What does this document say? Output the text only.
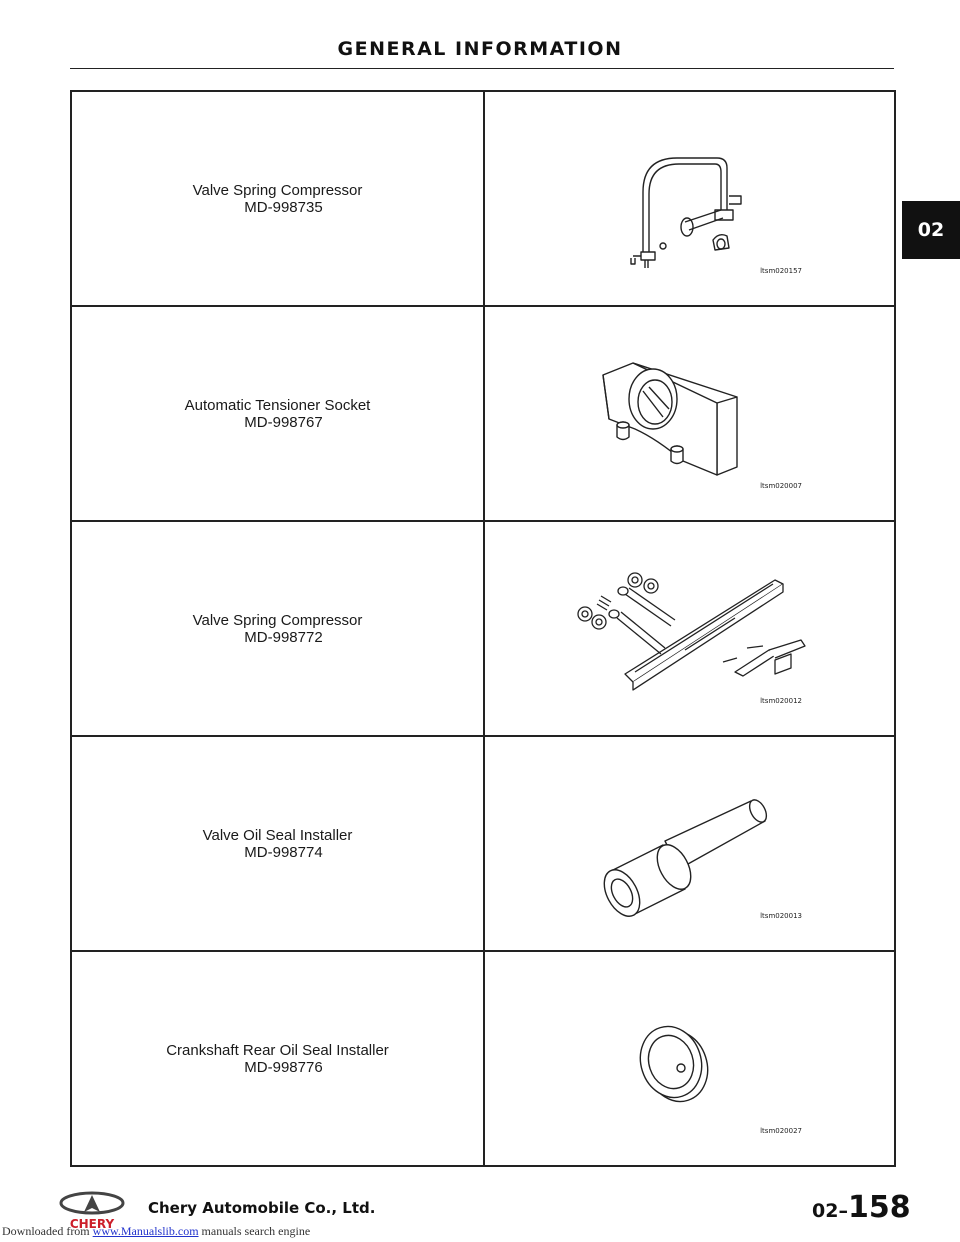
GENERAL INFORMATION
Valve Spring Compressor
MD-998735	ltsm020157

Automatic Tensioner Socket
MD-998767	ltsm020007

Valve Spring Compressor
MD-998772	ltsm020012

Valve Oil Seal Installer
MD-998774	ltsm020013

Crankshaft Rear Oil Seal Installer
MD-998776	ltsm020027
02
CHERY
Chery Automobile Co., Ltd.	02–158
Downloaded from www.Manualslib.com manuals search engine
